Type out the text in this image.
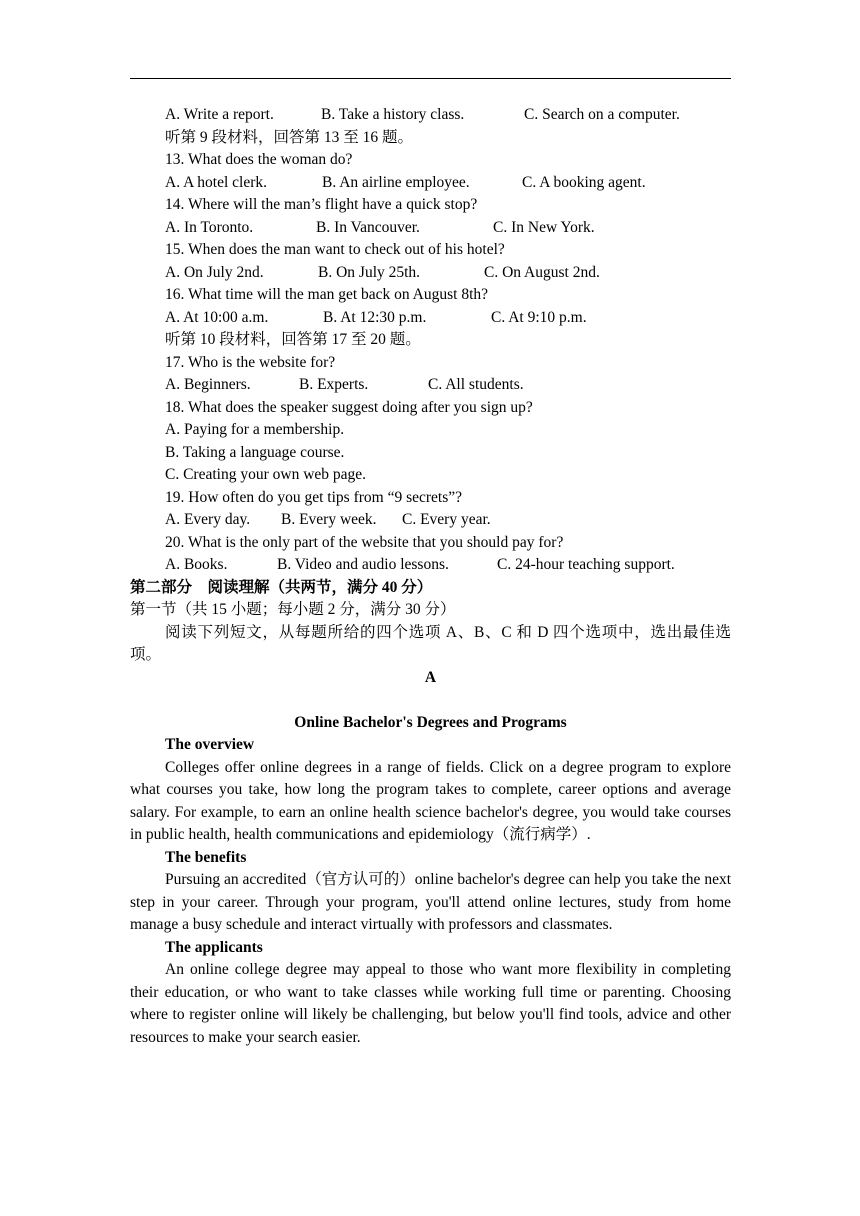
A. Write a report.	B. Take a history class.	C. Search on a computer.
听第 9 段材料，回答第 13 至 16 题。
13. What does the woman do?
A. A hotel clerk.	B. An airline employee.	C. A booking agent.
14. Where will the man’s flight have a quick stop?
A. In Toronto.	B. In Vancouver.	C. In New York.
15. When does the man want to check out of his hotel?
A. On July 2nd.	B. On July 25th.	C. On August 2nd.
16. What time will the man get back on August 8th?
A. At 10:00 a.m.	B. At 12:30 p.m.	C. At 9:10 p.m.
听第 10 段材料，回答第 17 至 20 题。
17. Who is the website for?
A. Beginners.	B. Experts.	C. All students.
18. What does the speaker suggest doing after you sign up?
A. Paying for a membership.
B. Taking a language course.
C. Creating your own web page.
19. How often do you get tips from “9 secrets”?
A. Every day. B. Every week. C. Every year.
20. What is the only part of the website that you should pay for?
A. Books.	B. Video and audio lessons.	C. 24-hour teaching support.
第二部分　阅读理解（共两节，满分 40 分）
第一节（共 15 小题；每小题 2 分，满分 30 分）

阅读下列短文，从每题所给的四个选项 A、B、C 和 D 四个选项中，选出最佳选项。

A
Online Bachelor's Degrees and Programs
The overview

Colleges offer online degrees in a range of fields. Click on a degree program to explore what courses you take, how long the program takes to complete, career options and average salary. For example, to earn an online health science bachelor's degree, you would take courses in public health, health communications and epidemiology（流行病学）.

The benefits

Pursuing an accredited（官方认可的）online bachelor's degree can help you take the next step in your career. Through your program, you'll attend online lectures, study from home manage a busy schedule and interact virtually with professors and classmates.

The applicants

An online college degree may appeal to those who want more flexibility in completing their education, or who want to take classes while working full time or parenting. Choosing where to register online will likely be challenging, but below you'll find tools, advice and other resources to make your search easier.
